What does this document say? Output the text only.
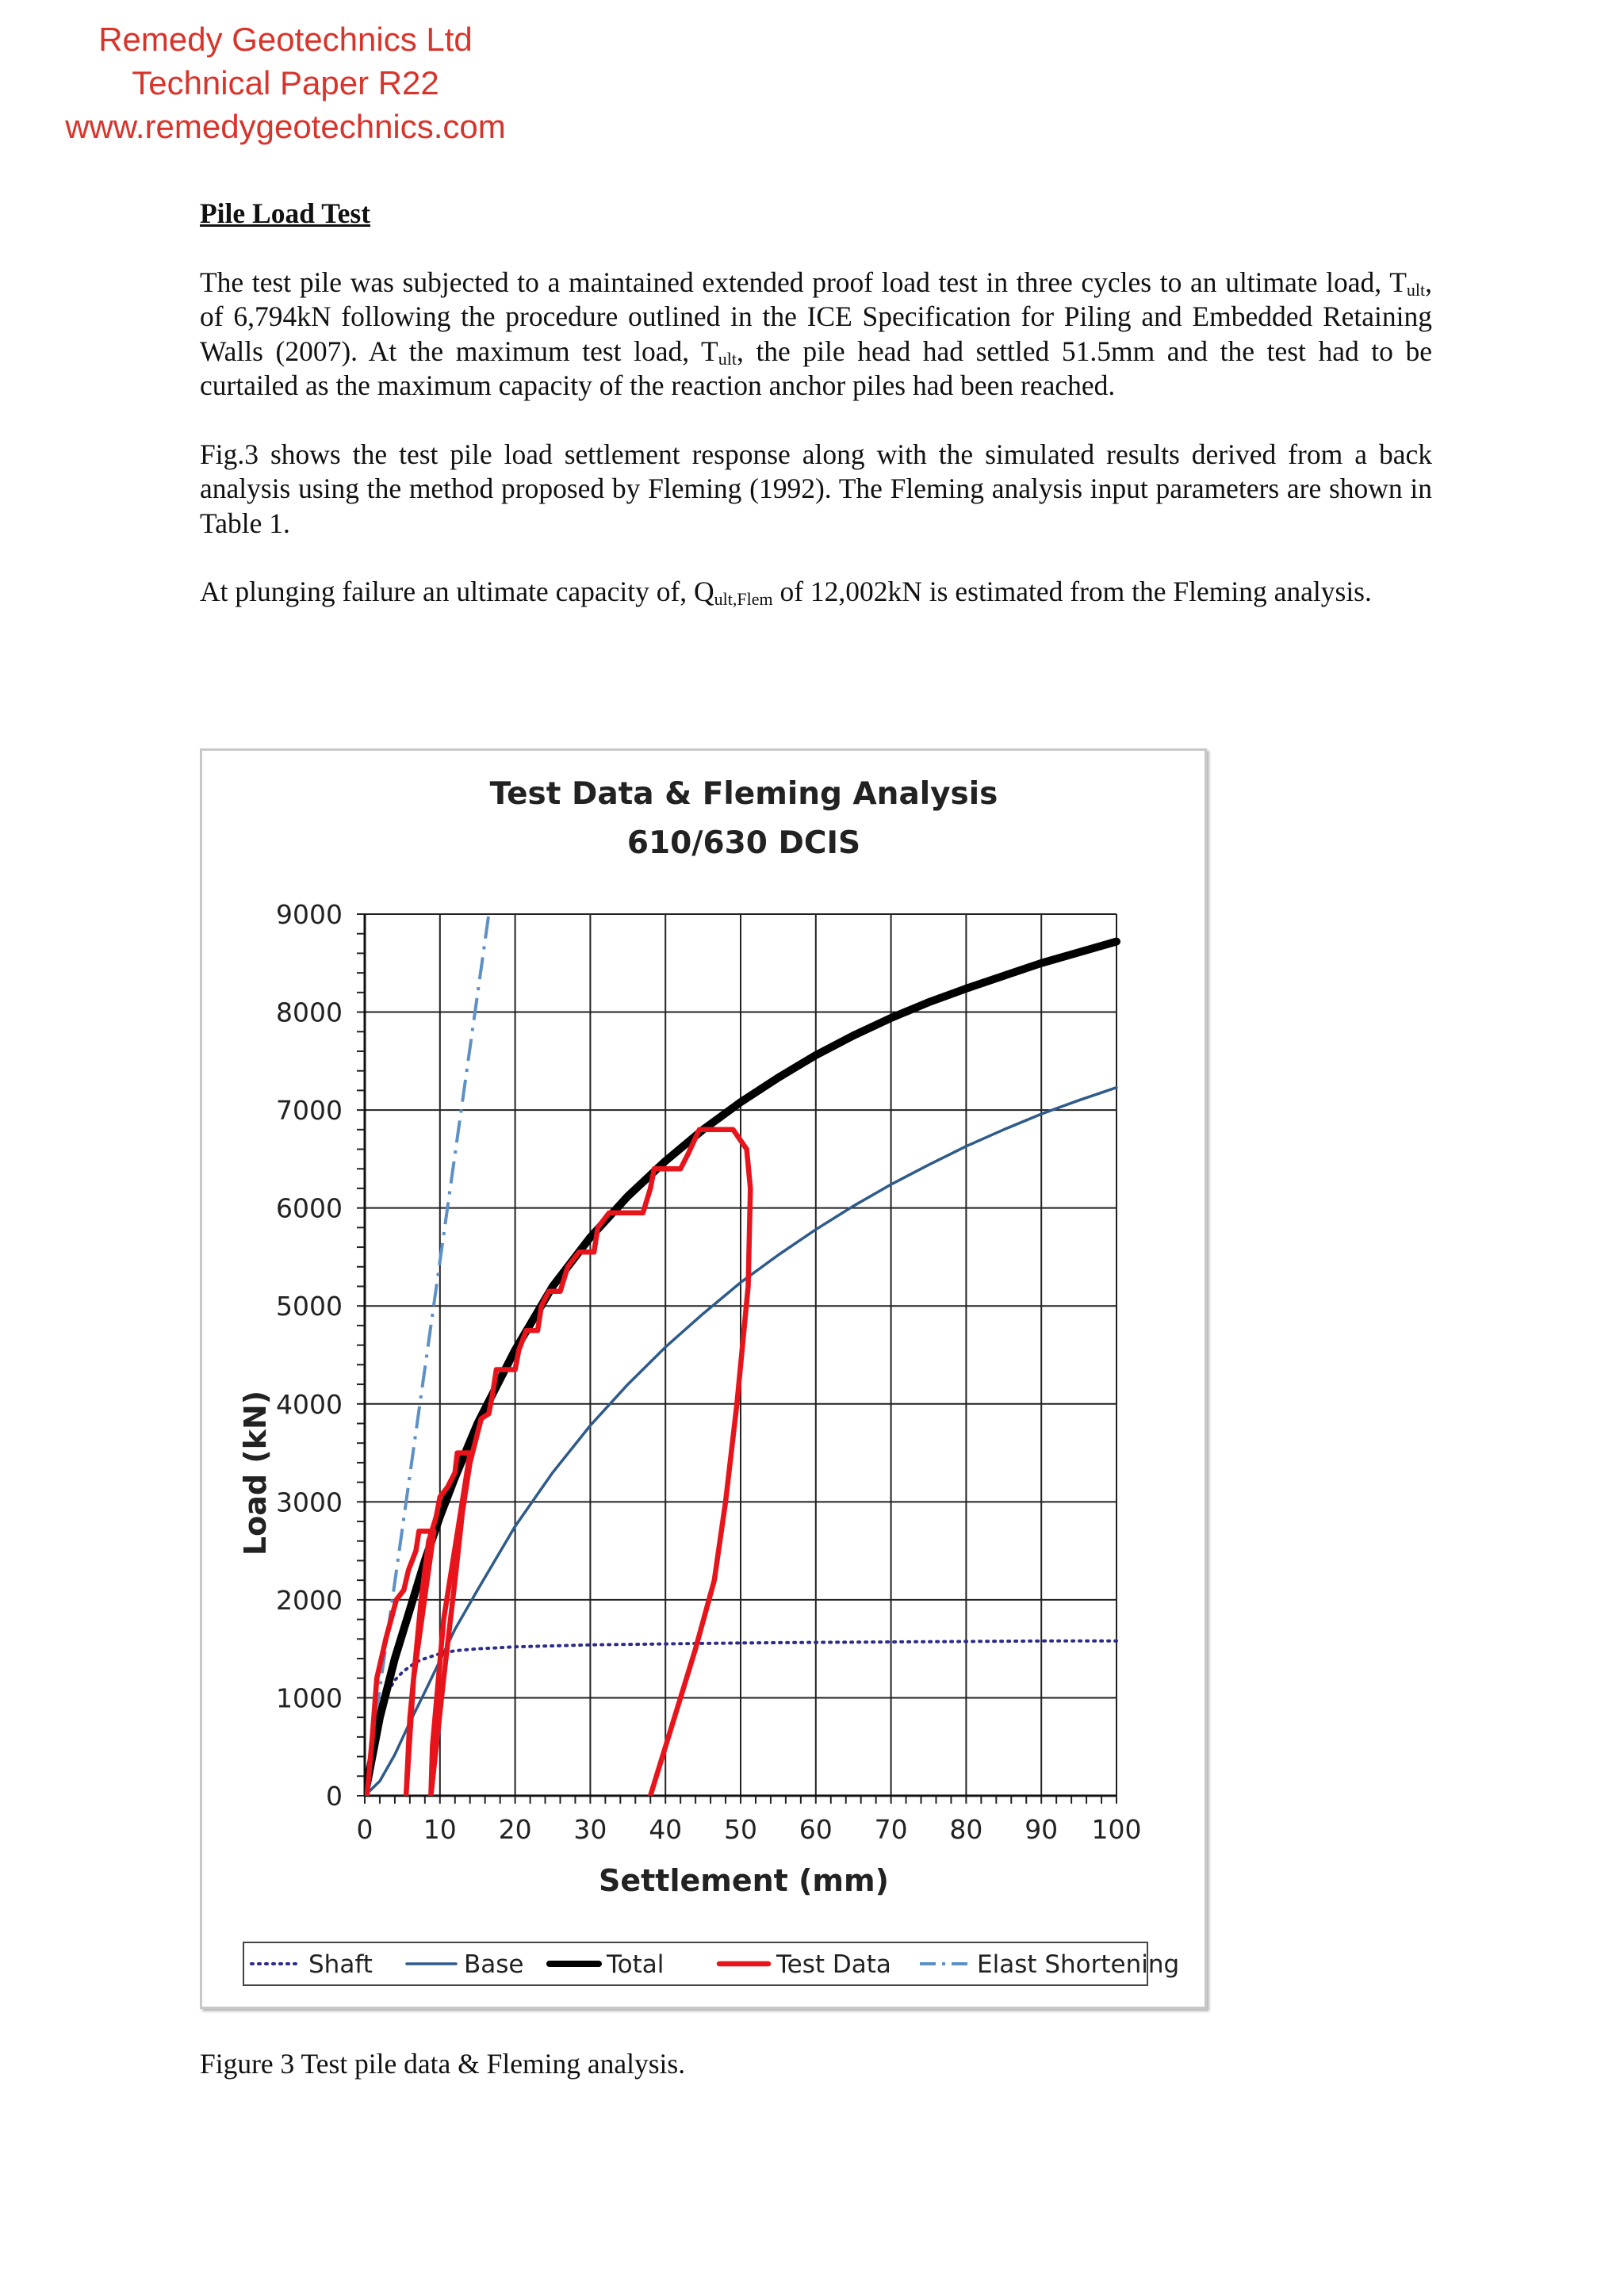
Remedy Geotechnics Ltd
Technical Paper R22
www.remedygeotechnics.com
Pile Load Test

The test pile was subjected to a maintained extended proof load test in three cycles to an ultimate load, $T_{ult}$, of 6,794kN following the procedure outlined in the ICE Specification for Piling and Embedded Retaining Walls (2007). At the maximum test load, $T_{ult}$, the pile head had settled 51.5mm and the test had to be curtailed as the maximum capacity of the reaction anchor piles had been reached.

Fig.3 shows the test pile load settlement response along with the simulated results derived from a back analysis using the method proposed by Fleming (1992). The Fleming analysis input parameters are shown in Table 1.

At plunging failure an ultimate capacity of, $Q_{ult,Flem}$ of 12,002kN is estimated from the Fleming analysis.

Test Data & Fleming Analysis
610/630 DCIS
0 10 20 30 40 50 60 70 80 90 100
0
1000
2000
3000
4000
5000
6000
7000
8000
9000
Settlement (mm)
Load (kN)
Shaft	Base	Total	Test Data	Elast Shortening
Figure 3 Test pile data & Fleming analysis.
